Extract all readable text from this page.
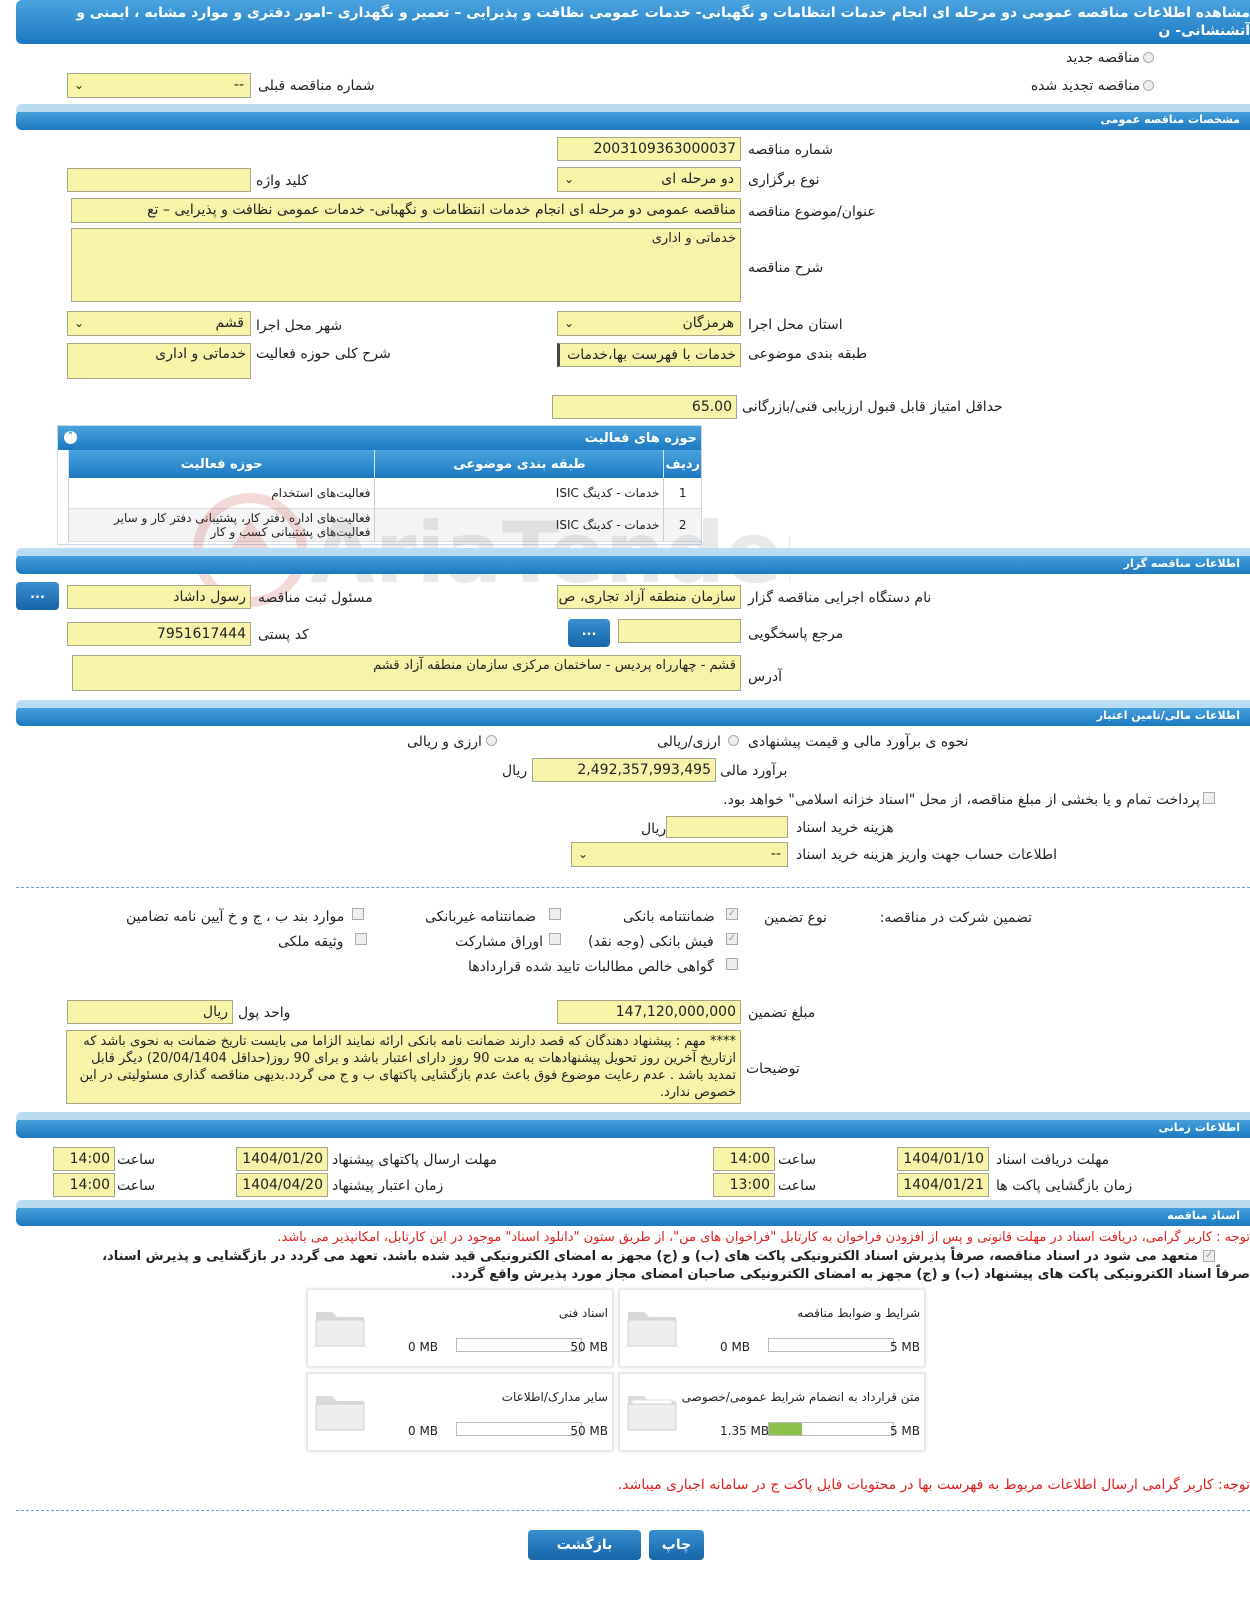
مشاهده اطلاعات مناقصه عمومی دو مرحله ای انجام خدمات انتظامات و نگهبانی- خدمات عمومی نظافت و پذیرایی – تعمیر و نگهداری –امور دفتری و موارد مشابه ، ایمنی و آتشنشانی- ن
مناقصه جدید
مناقصه تجدید شده
شماره مناقصه قبلی
--
⌄
مشخصات مناقصه عمومی
شماره مناقصه
2003109363000037
نوع برگزاری
دو مرحله ای
⌄
کلید واژه
عنوان/موضوع مناقصه
مناقصه عمومی دو مرحله ای انجام خدمات انتظامات و نگهبانی- خدمات عمومی نظافت و پذیرایی – تع
شرح مناقصه
خدماتی و اداری
استان محل اجرا
هرمزگان
⌄
شهر محل اجرا
قشم
⌄
طبقه بندی موضوعی
خدمات با فهرست بها،خدمات
شرح کلی حوزه فعالیت
خدماتی و اداری
حداقل امتیاز قابل قبول ارزیابی فنی/بازرگانی
65.00
حوزه های فعالیت
˄
ردیف	طبقه بندی موضوعی	حوزه فعالیت
1	خدمات - کدینگ ISIC	فعالیت‌های استخدام
2	خدمات - کدینگ ISIC	فعالیت‌های اداره دفتر کار، پشتیبانی دفتر کار و سایر فعالیت‌های پشتیبانی کسب و کار
اطلاعات مناقصه گزار
نام دستگاه اجرایی مناقصه گزار
سازمان منطقه آزاد تجاری، ص
مسئول ثبت مناقصه
رسول داشاد
...
مرجع پاسخگویی
...
کد پستی
7951617444
آدرس
قشم - چهارراه پردیس - ساختمان مرکزی سازمان منطقه آزاد قشم
اطلاعات مالی/تامین اعتبار
نحوه ی برآورد مالی و قیمت پیشنهادی
ارزی/ریالی
ارزی و ریالی
برآورد مالی
2,492,357,993,495
ریال
پرداخت تمام و یا بخشی از مبلغ مناقصه، از محل "اسناد خزانه اسلامی" خواهد بود.
هزینه خرید اسناد
ریال
اطلاعات حساب جهت واریز هزینه خرید اسناد
--
⌄
تضمین شرکت در مناقصه:
نوع تضمین
✓
ضمانتنامه بانکی
ضمانتنامه غیربانکی
موارد بند ب ، ج و خ آیین نامه تضامین
✓
فیش بانکی (وجه نقد)
اوراق مشارکت
وثیقه ملکی
گواهی خالص مطالبات تایید شده قراردادها
مبلغ تضمین
147,120,000,000
واحد پول
ریال
توضیحات
**** مهم : پیشنهاد دهندگان که قصد دارند ضمانت نامه بانکی ارائه نمایند الزاما می بایست تاریخ ضمانت به نحوی باشد که ازتاریخ آخرین روز تحویل پیشنهادهات به مدت 90 روز دارای اعتبار باشد و برای 90 روز(حداقل 20/04/1404) دیگر قابل تمدید باشد . عدم رعایت موضوع فوق باعث عدم بازگشایی پاکتهای ب و ج می گردد.بدیهی مناقصه گذاری مسئولیتی در این خصوص ندارد.
اطلاعات زمانی
مهلت دریافت اسناد
1404/01/10
ساعت
14:00
مهلت ارسال پاکتهای پیشنهاد
1404/01/20
ساعت
14:00
زمان بازگشایی پاکت ها
1404/01/21
ساعت
13:00
زمان اعتبار پیشنهاد
1404/04/20
ساعت
14:00
اسناد مناقصه
توجه : کاربر گرامی، دریافت اسناد در مهلت قانونی و پس از افزودن فراخوان به کارتابل "فراخوان های من"، از طریق ستون "دانلود اسناد" موجود در این کارتابل، امکانپذیر می باشد.
✓
متعهد می شود در اسناد مناقصه، صرفاً پذیرش اسناد الکترونیکی پاکت های (ب) و (ج) مجهز به امضای الکترونیکی قید شده باشد. تعهد می گردد در بازگشایی و پذیرش اسناد،
صرفاً اسناد الکترونیکی پاکت های پیشنهاد (ب) و (ج) مجهز به امضای الکترونیکی صاحبان امضای مجاز مورد پذیرش واقع گردد.
شرایط و ضوابط مناقصه
5 MB
0 MB
اسناد فنی
50 MB
0 MB
متن قرارداد به انضمام شرایط عمومی/خصوصی
5 MB
1.35 MB
سایر مدارک/اطلاعات
50 MB
0 MB
توجه: کاربر گرامی ارسال اطلاعات مربوط به فهرست بها در محتویات فایل پاکت ج در سامانه اجباری میباشد.
چاپ
بازگشت
